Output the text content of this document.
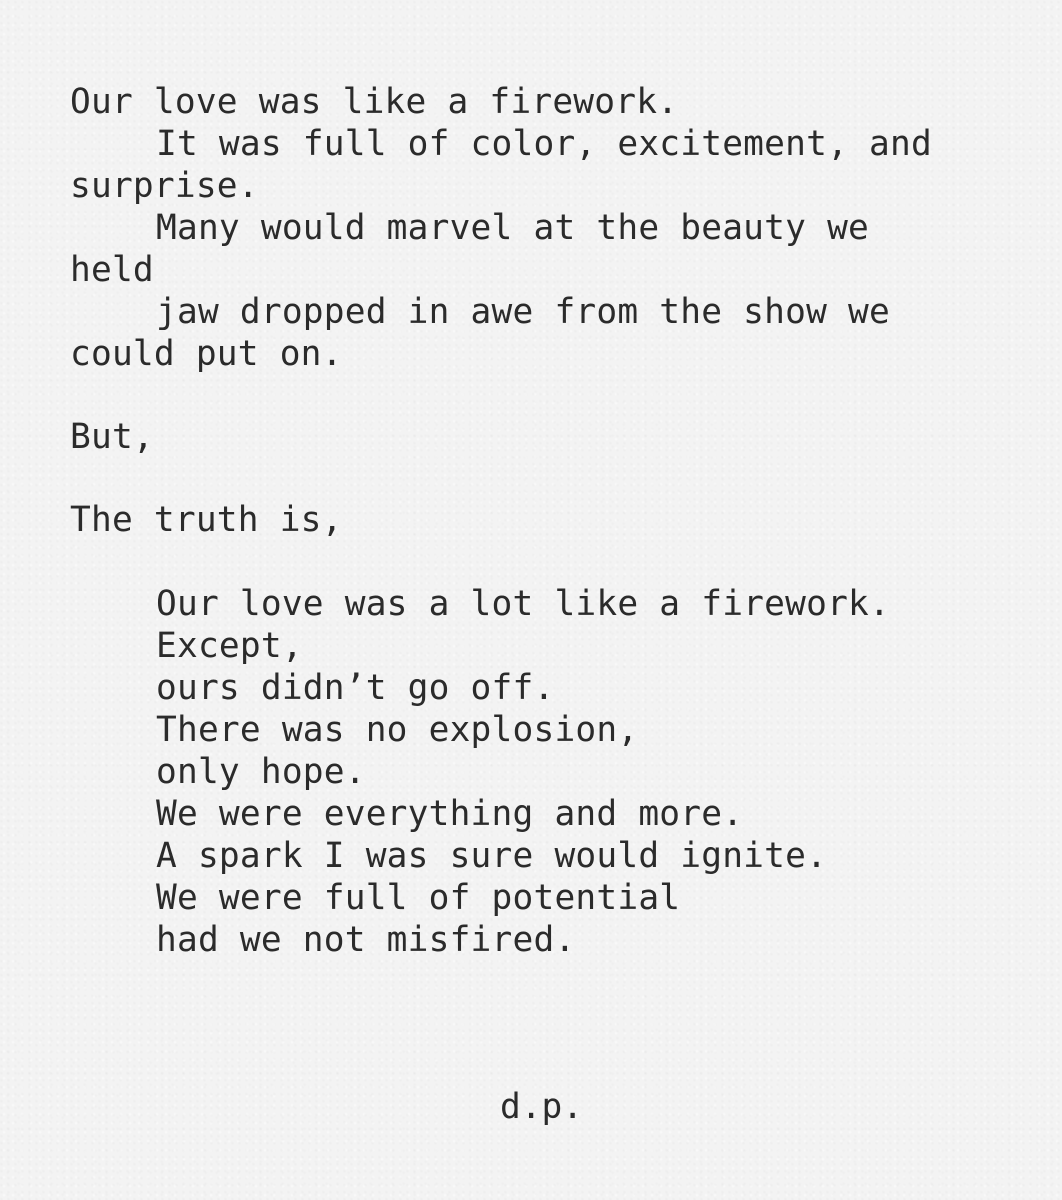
Our love was like a firework.
It was full of color, excitement, and
surprise.
Many would marvel at the beauty we
held
jaw dropped in awe from the show we
could put on.
But,
The truth is,
Our love was a lot like a firework.
Except,
ours didn’t go off.
There was no explosion,
only hope.
We were everything and more.
A spark I was sure would ignite.
We were full of potential
had we not misfired.
d.p.
